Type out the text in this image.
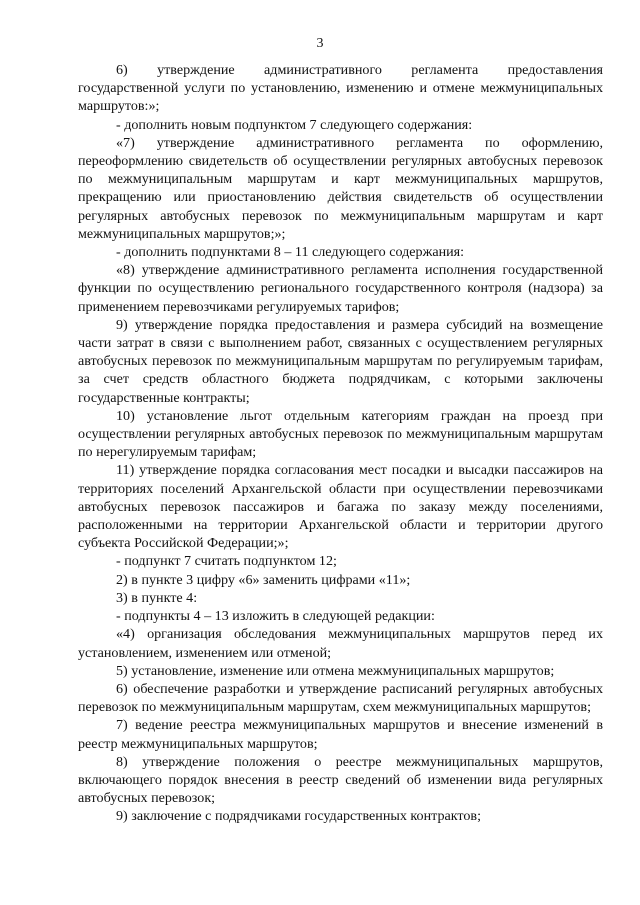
3

6) утверждение административного регламента предоставления государственной услуги по установлению, изменению и отмене межмуниципальных маршрутов:»;

- дополнить новым подпунктом 7 следующего содержания:

«7) утверждение административного регламента по оформлению, переоформлению свидетельств об осуществлении регулярных автобусных перевозок по межмуниципальным маршрутам и карт межмуниципальных маршрутов, прекращению или приостановлению действия свидетельств об осуществлении регулярных автобусных перевозок по межмуниципальным маршрутам и карт межмуниципальных маршрутов;»;

- дополнить подпунктами 8 – 11 следующего содержания:

«8) утверждение административного регламента исполнения государственной функции по осуществлению регионального государственного контроля (надзора) за применением перевозчиками регулируемых тарифов;

9) утверждение порядка предоставления и размера субсидий на возмещение части затрат в связи с выполнением работ, связанных с осуществлением регулярных автобусных перевозок по межмуниципальным маршрутам по регулируемым тарифам, за счет средств областного бюджета подрядчикам, с которыми заключены государственные контракты;

10) установление льгот отдельным категориям граждан на проезд при осуществлении регулярных автобусных перевозок по межмуниципальным маршрутам по нерегулируемым тарифам;

11) утверждение порядка согласования мест посадки и высадки пассажиров на территориях поселений Архангельской области при осуществлении перевозчиками автобусных перевозок пассажиров и багажа по заказу между поселениями, расположенными на территории Архангельской области и территории другого субъекта Российской Федерации;»;

- подпункт 7 считать подпунктом 12;

2) в пункте 3 цифру «6» заменить цифрами «11»;

3) в пункте 4:

- подпункты 4 – 13 изложить в следующей редакции:

«4) организация обследования межмуниципальных маршрутов перед их установлением, изменением или отменой;

5) установление, изменение или отмена межмуниципальных маршрутов;

6) обеспечение разработки и утверждение расписаний регулярных автобусных перевозок по межмуниципальным маршрутам, схем межмуниципальных маршрутов;

7) ведение реестра межмуниципальных маршрутов и внесение изменений в реестр межмуниципальных маршрутов;

8) утверждение положения о реестре межмуниципальных маршрутов, включающего порядок внесения в реестр сведений об изменении вида регулярных автобусных перевозок;

9) заключение с подрядчиками государственных контрактов;
